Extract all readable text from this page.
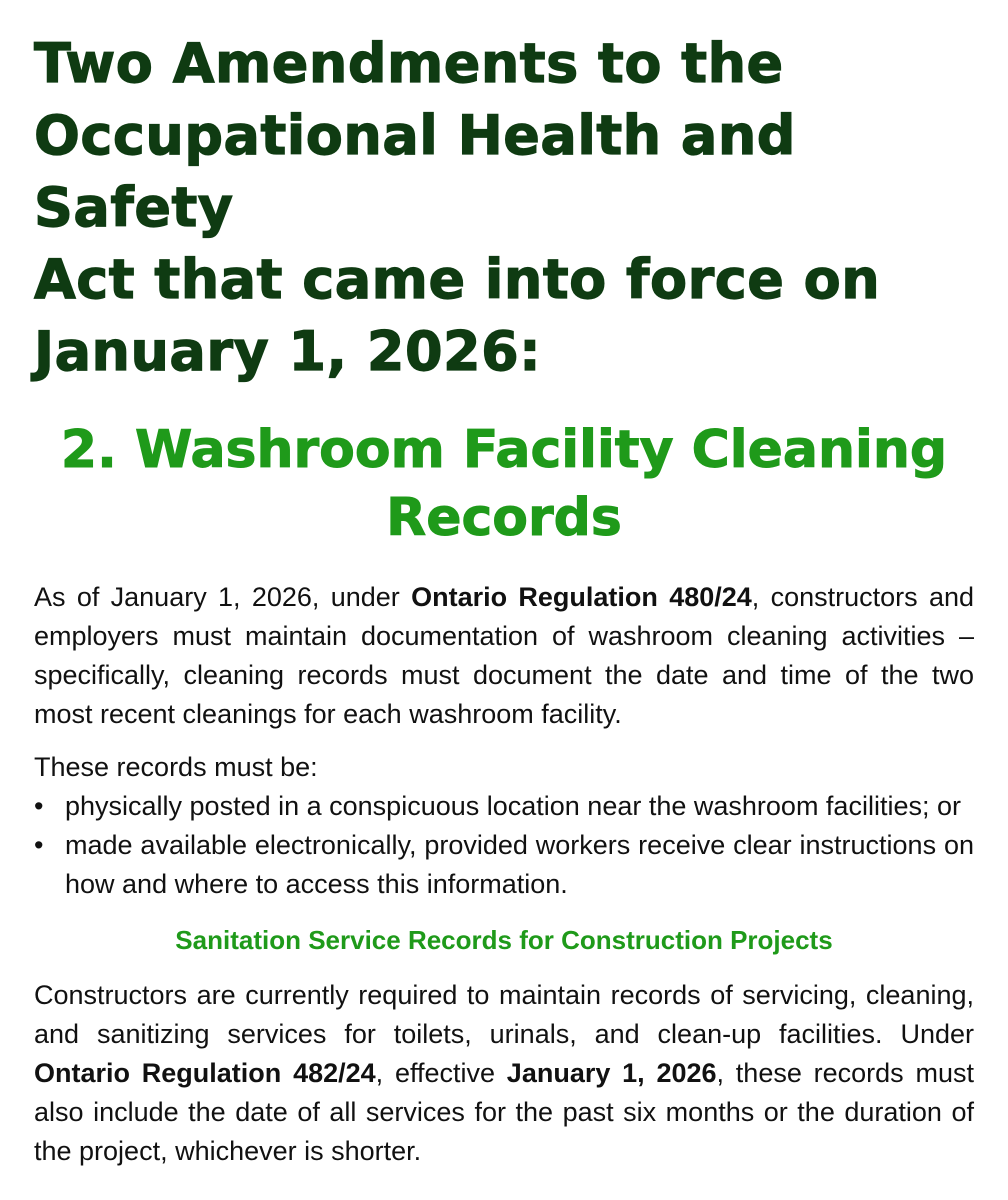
Two Amendments to the
Occupational Health and Safety
Act that came into force on
January 1, 2026:
2. Washroom Facility Cleaning
Records

As of January 1, 2026, under Ontario Regulation 480/24, constructors and employers must maintain documentation of washroom cleaning activities – specifically, cleaning records must document the date and time of the two most recent cleanings for each washroom facility.

These records must be:

• physically posted in a conspicuous location near the washroom facilities; or
• made available electronically, provided workers receive clear instructions on how and where to access this information.
Sanitation Service Records for Construction Projects

Constructors are currently required to maintain records of servicing, cleaning, and sanitizing services for toilets, urinals, and clean-up facilities. Under Ontario Regulation 482/24, effective January 1, 2026, these records must also include the date of all services for the past six months or the duration of the project, whichever is shorter.
